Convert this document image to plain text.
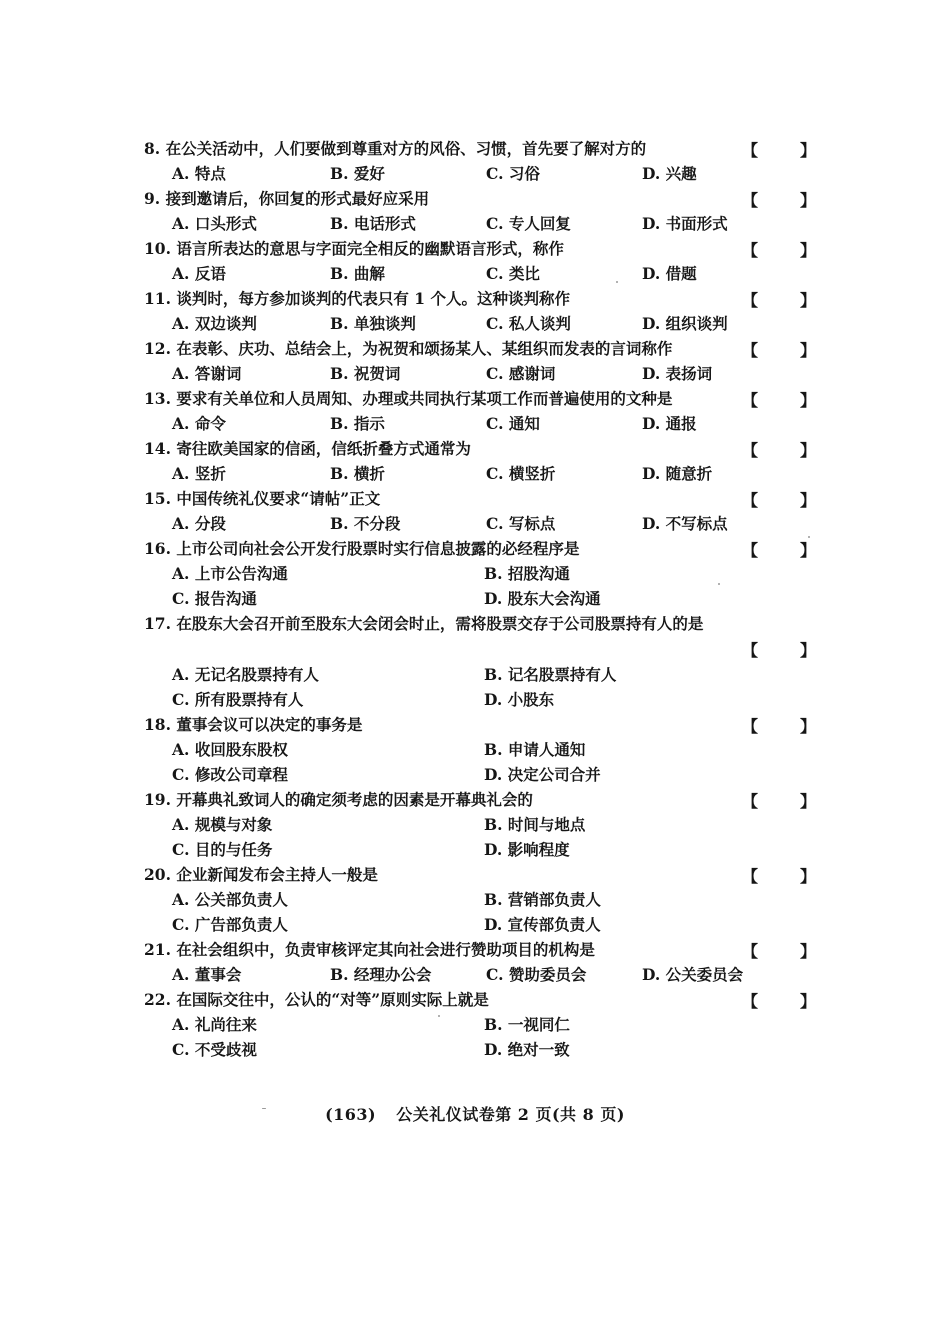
8. 在公关活动中，人们要做到尊重对方的风俗、习惯，首先要了解对方的	【	】
A. 特点	B. 爱好	C. 习俗	D. 兴趣
9. 接到邀请后，你回复的形式最好应采用	【	】
A. 口头形式	B. 电话形式	C. 专人回复	D. 书面形式
10. 语言所表达的意思与字面完全相反的幽默语言形式，称作	【	】
A. 反语	B. 曲解	C. 类比	D. 借题
11. 谈判时，每方参加谈判的代表只有 1 个人。这种谈判称作	【	】
A. 双边谈判	B. 单独谈判	C. 私人谈判	D. 组织谈判
12. 在表彰、庆功、总结会上，为祝贺和颂扬某人、某组织而发表的言词称作	【	】
A. 答谢词	B. 祝贺词	C. 感谢词	D. 表扬词
13. 要求有关单位和人员周知、办理或共同执行某项工作而普遍使用的文种是	【	】
A. 命令	B. 指示	C. 通知	D. 通报
14. 寄往欧美国家的信函，信纸折叠方式通常为	【	】
A. 竖折	B. 横折	C. 横竖折	D. 随意折
15. 中国传统礼仪要求“请帖”正文	【	】
A. 分段	B. 不分段	C. 写标点	D. 不写标点
16. 上市公司向社会公开发行股票时实行信息披露的必经程序是	【	】
A. 上市公告沟通	B. 招股沟通
C. 报告沟通	D. 股东大会沟通
17. 在股东大会召开前至股东大会闭会时止，需将股票交存于公司股票持有人的是
【	】
A. 无记名股票持有人	B. 记名股票持有人
C. 所有股票持有人	D. 小股东
18. 董事会议可以决定的事务是	【	】
A. 收回股东股权	B. 申请人通知
C. 修改公司章程	D. 决定公司合并
19. 开幕典礼致词人的确定须考虑的因素是开幕典礼会的	【	】
A. 规模与对象	B. 时间与地点
C. 目的与任务	D. 影响程度
20. 企业新闻发布会主持人一般是	【	】
A. 公关部负责人	B. 营销部负责人
C. 广告部负责人	D. 宣传部负责人
21. 在社会组织中，负责审核评定其向社会进行赞助项目的机构是	【	】
A. 董事会	B. 经理办公会	C. 赞助委员会	D. 公关委员会
22. 在国际交往中，公认的“对等”原则实际上就是	【	】
A. 礼尚往来	B. 一视同仁
C. 不受歧视	D. 绝对一致
(163) 公关礼仪试卷第 2 页(共 8 页)
